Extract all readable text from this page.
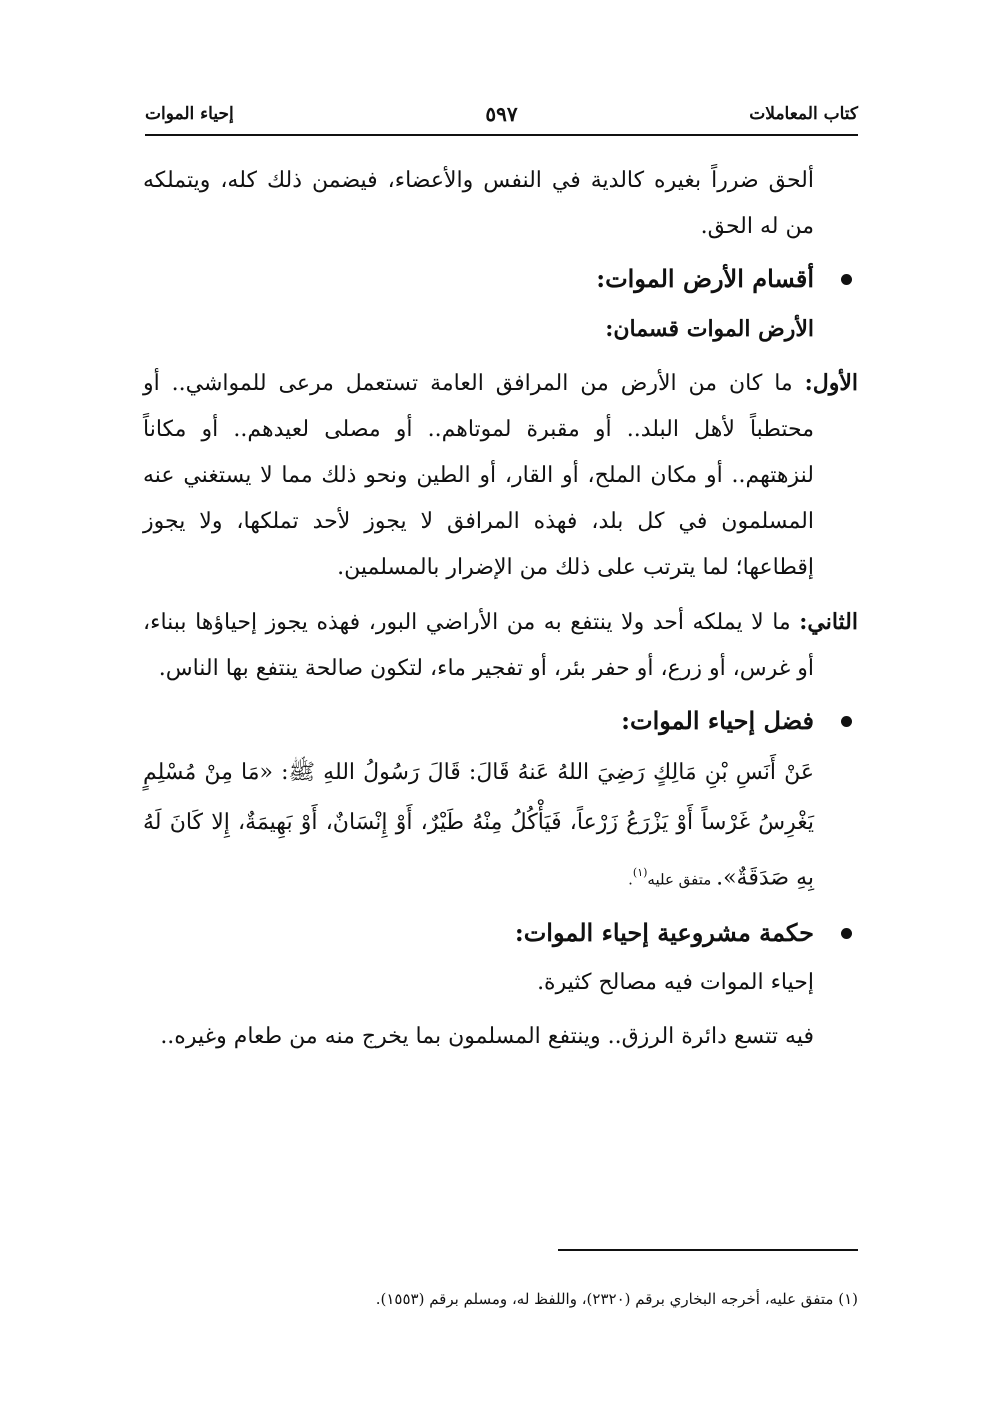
كتاب المعاملات
٥٩٧
إحياء الموات

ألحق ضرراً بغيره كالدية في النفس والأعضاء، فيضمن ذلك كله، ويتملكه من له الحق.

أقسام الأرض الموات:

الأرض الموات قسمان:

الأول: ما كان من الأرض من المرافق العامة تستعمل مرعى للمواشي.. أو محتطباً لأهل البلد.. أو مقبرة لموتاهم.. أو مصلى لعيدهم.. أو مكاناً لنزهتهم.. أو مكان الملح، أو القار، أو الطين ونحو ذلك مما لا يستغني عنه المسلمون في كل بلد، فهذه المرافق لا يجوز لأحد تملكها، ولا يجوز إقطاعها؛ لما يترتب على ذلك من الإضرار بالمسلمين.

الثاني: ما لا يملكه أحد ولا ينتفع به من الأراضي البور، فهذه يجوز إحياؤها ببناء، أو غرس، أو زرع، أو حفر بئر، أو تفجير ماء، لتكون صالحة ينتفع بها الناس.

فضل إحياء الموات:

عَنْ أَنَسِ بْنِ مَالِكٍ رَضِيَ اللهُ عَنهُ قَالَ: قَالَ رَسُولُ اللهِ ﷺ: «مَا مِنْ مُسْلِمٍ يَغْرِسُ غَرْساً أَوْ يَزْرَعُ زَرْعاً، فَيَأْكُلُ مِنْهُ طَيْرٌ، أَوْ إِنْسَانٌ، أَوْ بَهِيمَةٌ، إِلا كَانَ لَهُ بِهِ صَدَقَةٌ». متفق عليه$^{(١)}$.

حكمة مشروعية إحياء الموات:

إحياء الموات فيه مصالح كثيرة.

فيه تتسع دائرة الرزق.. وينتفع المسلمون بما يخرج منه من طعام وغيره..

(١) متفق عليه، أخرجه البخاري برقم (٢٣٢٠)، واللفظ له، ومسلم برقم (١٥٥٣).
